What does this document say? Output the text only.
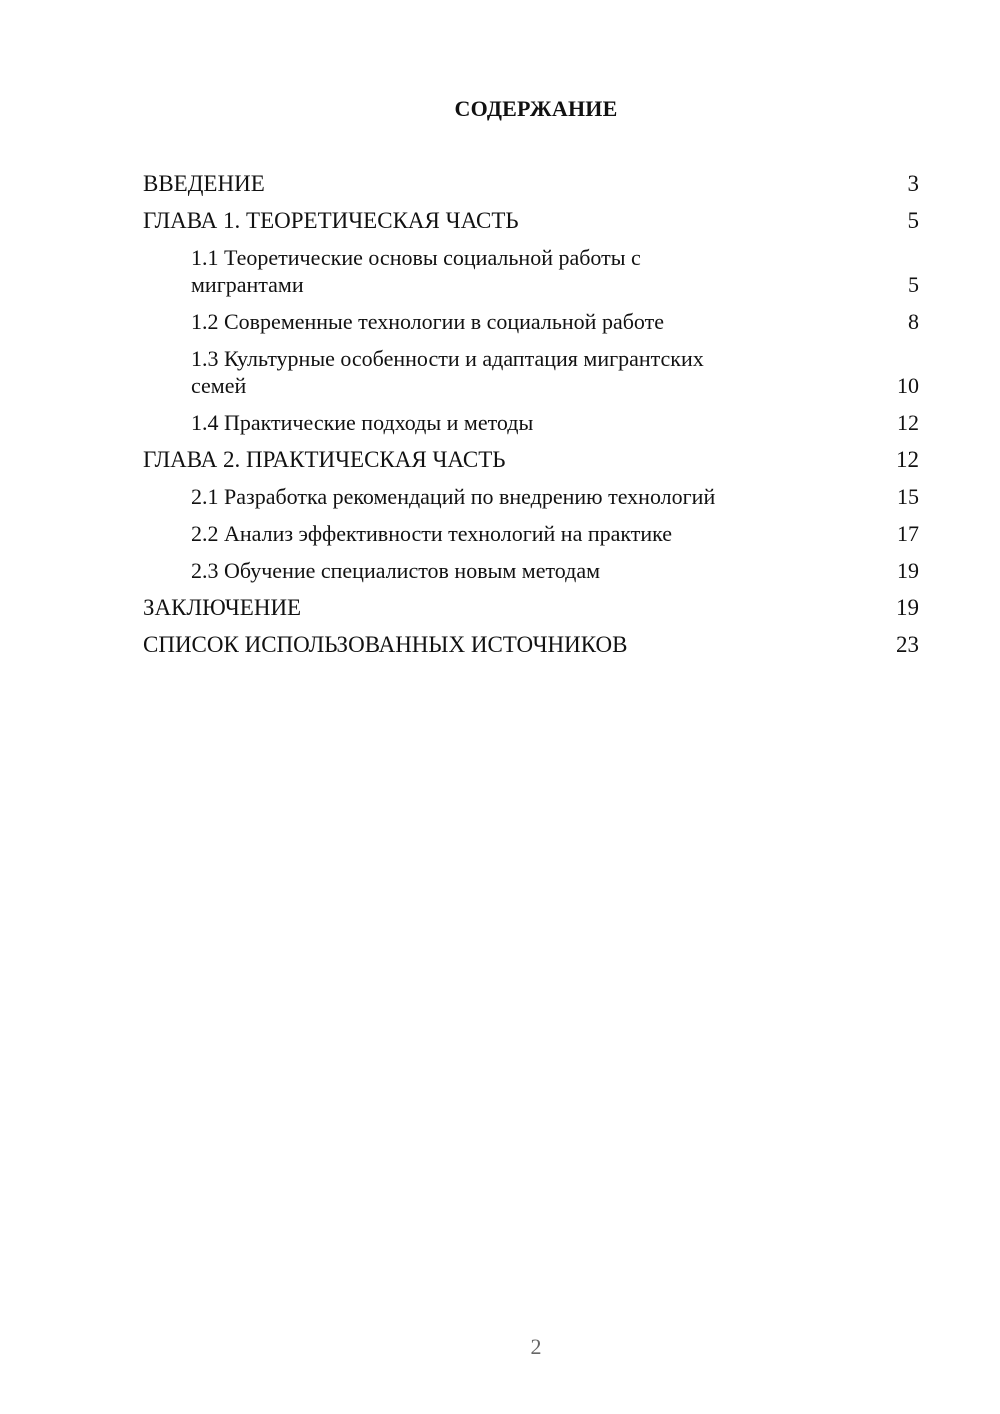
СОДЕРЖАНИЕ
ВВЕДЕНИЕ	3
ГЛАВА 1. ТЕОРЕТИЧЕСКАЯ ЧАСТЬ	5
1.1 Теоретические основы социальной работы с мигрантами	5
1.2 Современные технологии в социальной работе	8
1.3 Культурные особенности и адаптация мигрантских семей	10
1.4 Практические подходы и методы	12
ГЛАВА 2. ПРАКТИЧЕСКАЯ ЧАСТЬ	12
2.1 Разработка рекомендаций по внедрению технологий	15
2.2 Анализ эффективности технологий на практике	17
2.3 Обучение специалистов новым методам	19
ЗАКЛЮЧЕНИЕ	19
СПИСОК ИСПОЛЬЗОВАННЫХ ИСТОЧНИКОВ	23
2
